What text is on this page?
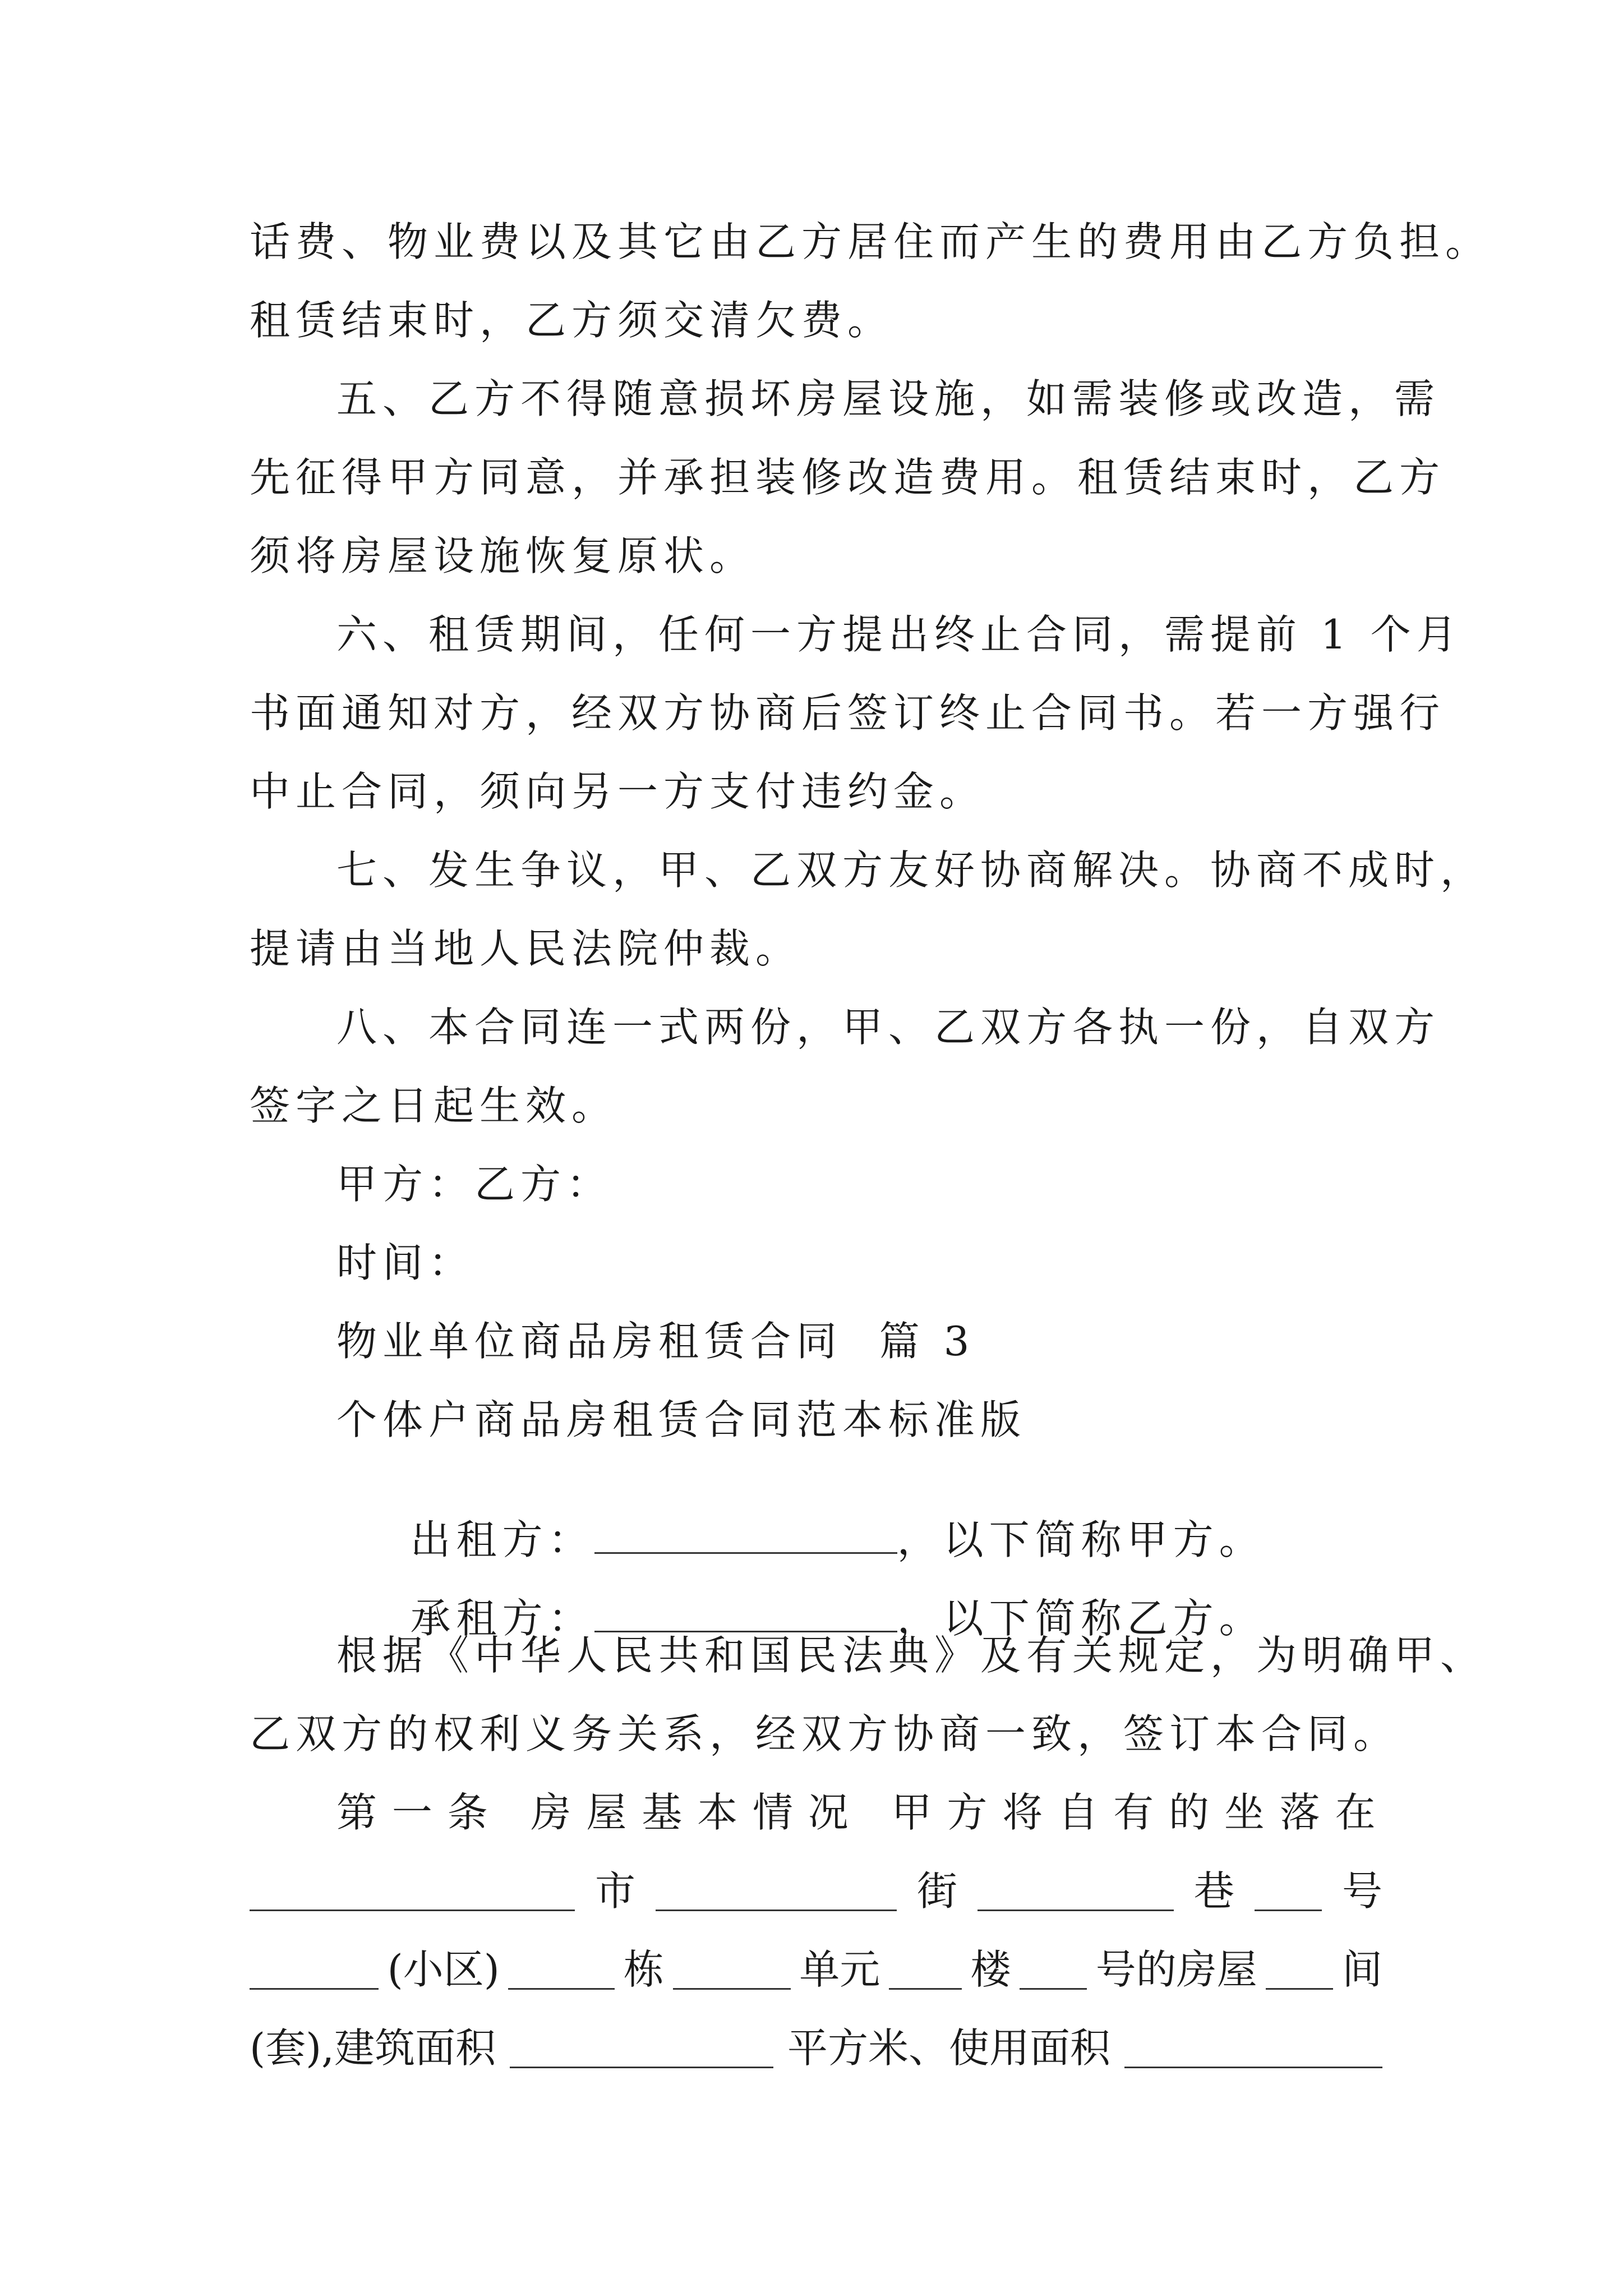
话费、物业费以及其它由乙方居住而产生的费用由乙方负担。
租赁结束时，乙方须交清欠费。
五、乙方不得随意损坏房屋设施，如需装修或改造，需
先征得甲方同意，并承担装修改造费用。租赁结束时，乙方
须将房屋设施恢复原状。
六、租赁期间，任何一方提出终止合同，需提前 1 个月
书面通知对方，经双方协商后签订终止合同书。若一方强行
中止合同，须向另一方支付违约金。
七、发生争议，甲、乙双方友好协商解决。协商不成时，
提请由当地人民法院仲裁。
八、本合同连一式两份，甲、乙双方各执一份，自双方
签字之日起生效。
甲方：乙方：
时间：
物业单位商品房租赁合同  篇 3
个体户商品房租赁合同范本标准版

出租方：	，以下简称甲方。

承租方：	，以下简称乙方。

根据《中华人民共和国民法典》及有关规定，为明确甲、
乙双方的权利义务关系，经双方协商一致，签订本合同。
第 一 条   房 屋 基 本 情 况   甲 方 将 自 有 的 坐 落 在
市	街	巷	号
(小区)	栋	单元 楼 号的房屋 间
(套),建筑面积	平方米、使用面积
